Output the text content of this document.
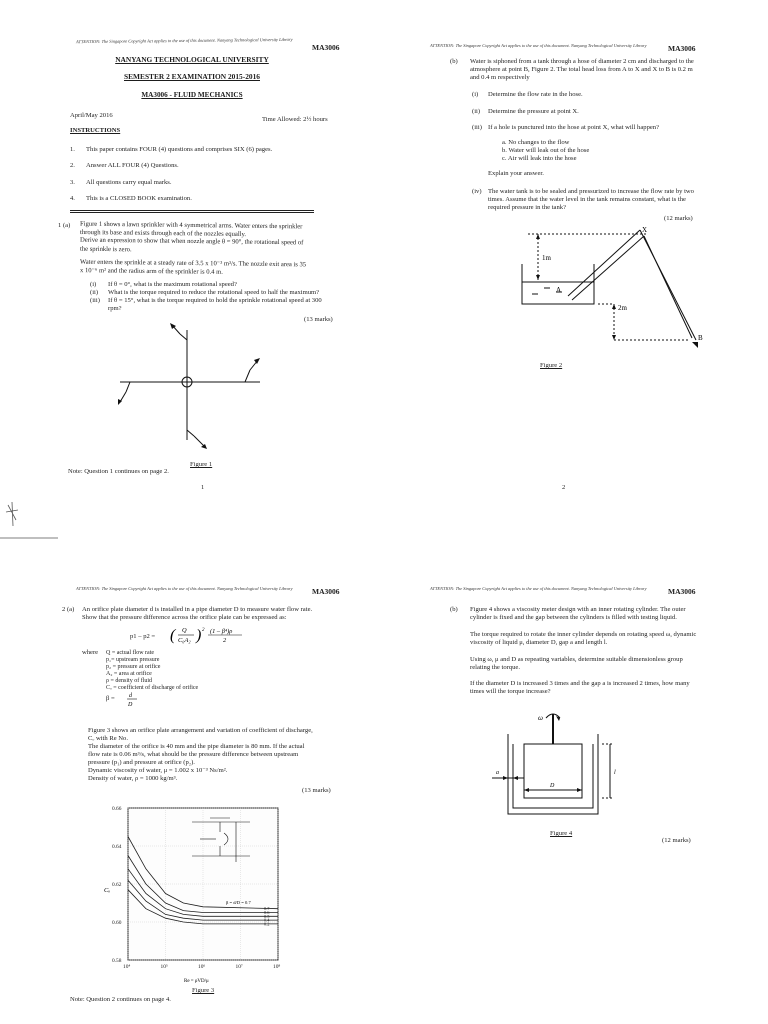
ATTENTION: The Singapore Copyright Act applies to the use of this document. Nanyang Technological University Library
MA3006
NANYANG TECHNOLOGICAL UNIVERSITY
SEMESTER 2 EXAMINATION 2015-2016
MA3006 - FLUID MECHANICS
April/May 2016
Time Allowed: 2½ hours
INSTRUCTIONS
1. This paper contains FOUR (4) questions and comprises SIX (6) pages.
2. Answer ALL FOUR (4) Questions.
3. All questions carry equal marks.
4. This is a CLOSED BOOK examination.
1 (a) Figure 1 shows a lawn sprinkler with 4 symmetrical arms. Water enters the sprinkler
through its base and exists through each of the nozzles equally.
Derive an expression to show that when nozzle angle θ = 90°, the rotational speed of
the sprinkle is zero.
Water enters the sprinkle at a steady rate of 3.5 x 10⁻³ m³/s. The nozzle exit area is 35
x 10⁻⁶ m² and the radius arm of the sprinkler is 0.4 m.
(i) If θ = 0°, what is the maximum rotational speed?
(ii) What is the torque required to reduce the rotational speed to half the maximum?
(iii) If θ = 15°, what is the torque required to hold the sprinkle rotational speed at 300
rpm?
(13 marks)
Figure 1
Note: Question 1 continues on page 2.
1
ATTENTION: The Singapore Copyright Act applies to the use of this document. Nanyang Technological University Library	MA3006
(b) Water is siphoned from a tank through a hose of diameter 2 cm and discharged to the
atmosphere at point B, Figure 2. The total head loss from A to X and X to B is 0.2 m
and 0.4 m respectively
(i) Determine the flow rate in the hose.
(ii) Determine the pressure at point X.
(iii) If a hole is punctured into the hose at point X, what will happen?
a. No changes to the flow
b. Water will leak out of the hose
c. Air will leak into the hose
Explain your answer.
(iv) The water tank is to be sealed and pressurized to increase the flow rate by two
times. Assume that the water level in the tank remains constant, what is the
required pressure in the tank?
(12 marks)
X
A
B
1m
2m
Figure 2
2
ATTENTION: The Singapore Copyright Act applies to the use of this document. Nanyang Technological University Library	MA3006
2 (a) An orifice plate diameter d is installed in a pipe diameter D to measure water flow rate.
Show that the pressure difference across the orifice plate can be expressed as:
p1 – p2 = ( Q
C₀A₂ ) 2 (1 – β⁴)ρ
2
where Q = actual flow rate
p₁= upstream pressure
p₂ = pressure at orifice
A₂ = area at orifice
ρ = density of fluid
Cₒ = coefficient of discharge of orifice
β = d
D
Figure 3 shows an orifice plate arrangement and variation of coefficient of discharge,
Cₒ with Re No.
The diameter of the orifice is 40 mm and the pipe diameter is 80 mm. If the actual
flow rate is 0.06 m³/s, what should be the pressure difference between upstream
pressure (p₁) and pressure at orifice (p₂).
Dynamic viscosity of water, μ = 1.002 x 10⁻³ Ns/m².
Density of water, ρ = 1000 kg/m³.
(13 marks)
0.58
0.60
0.62
0.64
0.66
10⁴	10⁵	10⁶	10⁷	10⁸
0.7
0.6
0.5
0.4
0.2
β = d/D = 0.7
Cₒ
Re = ρVD/μ
Figure 3
Note: Question 2 continues on page 4.
ATTENTION: The Singapore Copyright Act applies to the use of this document. Nanyang Technological University Library	MA3006
(b) Figure 4 shows a viscosity meter design with an inner rotating cylinder. The outer
cylinder is fixed and the gap between the cylinders is filled with testing liquid.
The torque required to rotate the inner cylinder depends on rotating speed ω, dynamic
viscosity of liquid μ, diameter D, gap a and length l.
Using ω, μ and D as repeating variables, determine suitable dimensionless group
relating the torque.
If the diameter D is increased 3 times and the gap a is increased 2 times, how many
times will the torque increase?
ω
a
D
l
Figure 4
(12 marks)
